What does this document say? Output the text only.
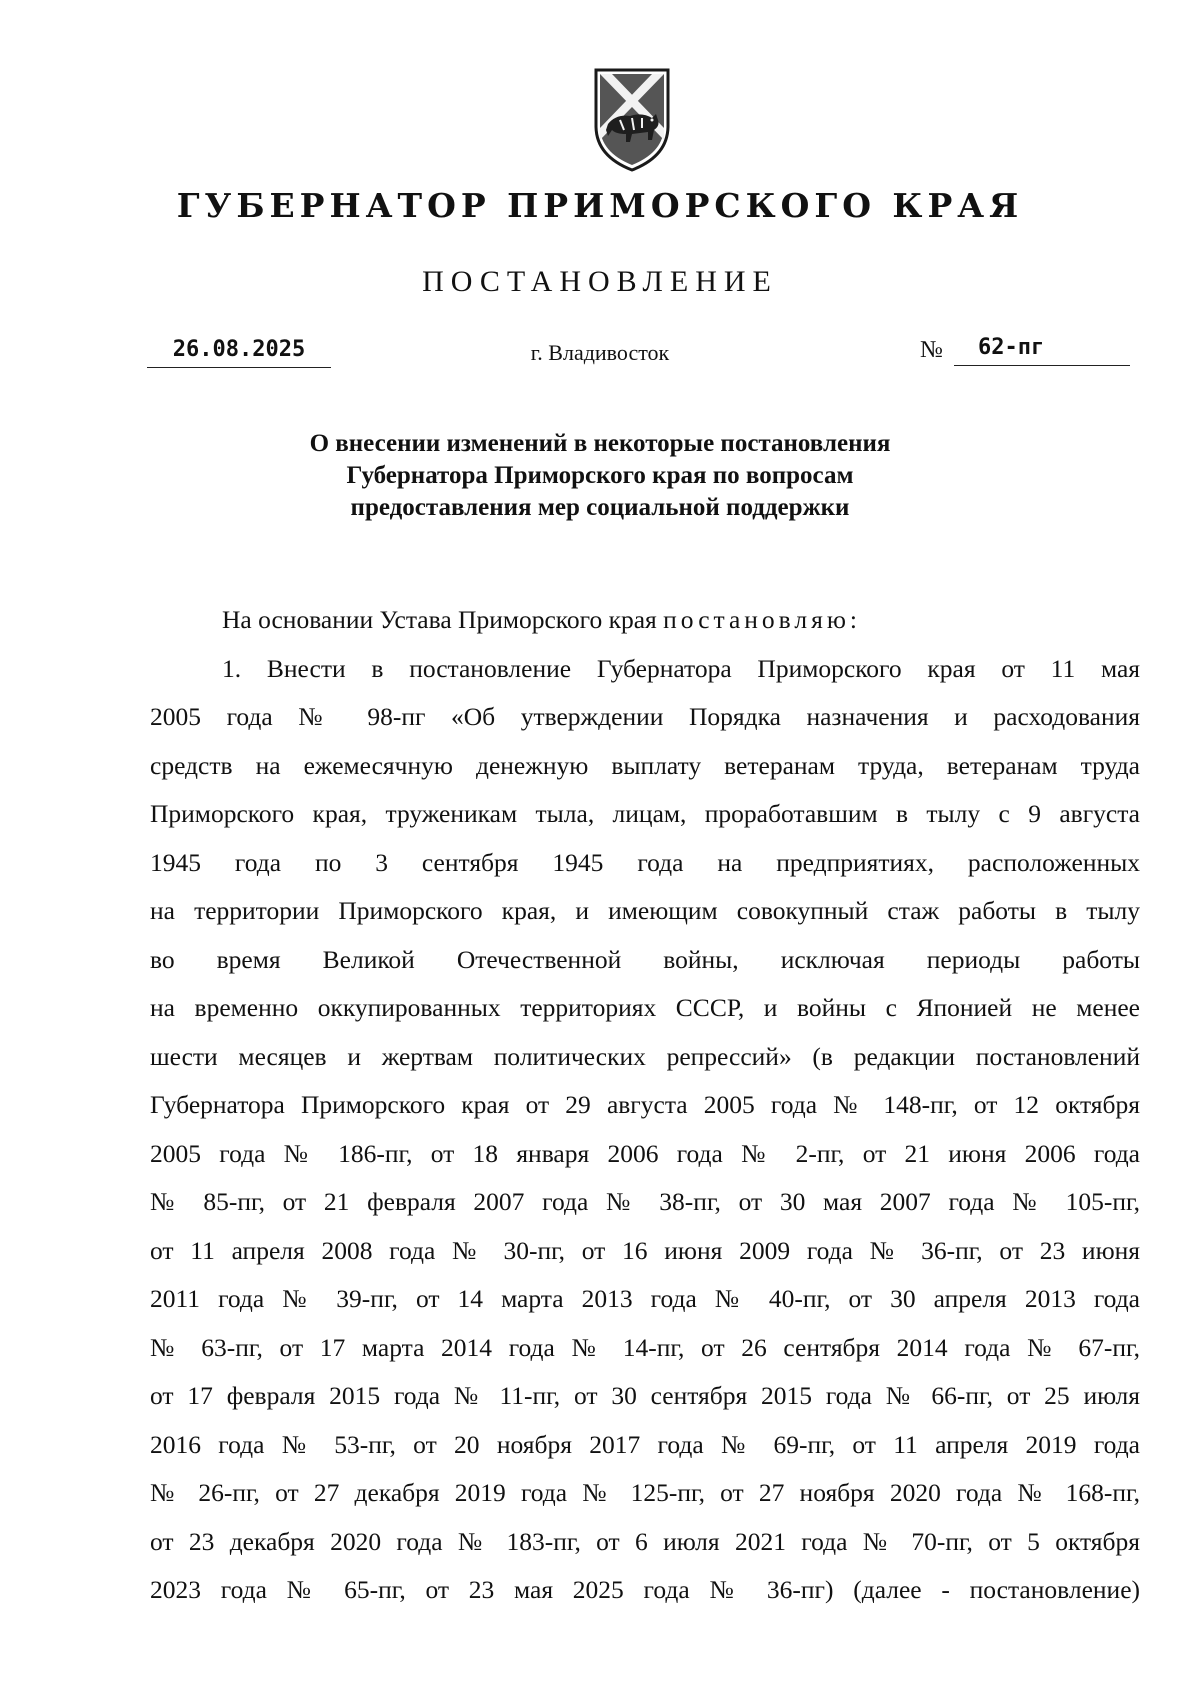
ГУБЕРНАТОР ПРИМОРСКОГО КРАЯ
ПОСТАНОВЛЕНИЕ
26.08.2025	г. Владивосток	№ 62-пг
О внесении изменений в некоторые постановления
Губернатора Приморского края по вопросам
предоставления мер социальной поддержки
На основании Устава Приморского края постановляю:
1. Внести в постановление Губернатора Приморского края от 11 мая
2005 года № 98-пг «Об утверждении Порядка назначения и расходования
средств на ежемесячную денежную выплату ветеранам труда, ветеранам труда
Приморского края, труженикам тыла, лицам, проработавшим в тылу с 9 августа
1945 года по 3 сентября 1945 года на предприятиях, расположенных
на территории Приморского края, и имеющим совокупный стаж работы в тылу
во время Великой Отечественной войны, исключая периоды работы
на временно оккупированных территориях СССР, и войны с Японией не менее
шести месяцев и жертвам политических репрессий» (в редакции постановлений
Губернатора Приморского края от 29 августа 2005 года № 148-пг, от 12 октября
2005 года № 186-пг, от 18 января 2006 года № 2-пг, от 21 июня 2006 года
№ 85-пг, от 21 февраля 2007 года № 38-пг, от 30 мая 2007 года № 105-пг,
от 11 апреля 2008 года № 30-пг, от 16 июня 2009 года № 36-пг, от 23 июня
2011 года № 39-пг, от 14 марта 2013 года № 40-пг, от 30 апреля 2013 года
№ 63-пг, от 17 марта 2014 года № 14-пг, от 26 сентября 2014 года № 67-пг,
от 17 февраля 2015 года № 11-пг, от 30 сентября 2015 года № 66-пг, от 25 июля
2016 года № 53-пг, от 20 ноября 2017 года № 69-пг, от 11 апреля 2019 года
№ 26-пг, от 27 декабря 2019 года № 125-пг, от 27 ноября 2020 года № 168-пг,
от 23 декабря 2020 года № 183-пг, от 6 июля 2021 года № 70-пг, от 5 октября
2023 года № 65-пг, от 23 мая 2025 года № 36-пг) (далее - постановление)
